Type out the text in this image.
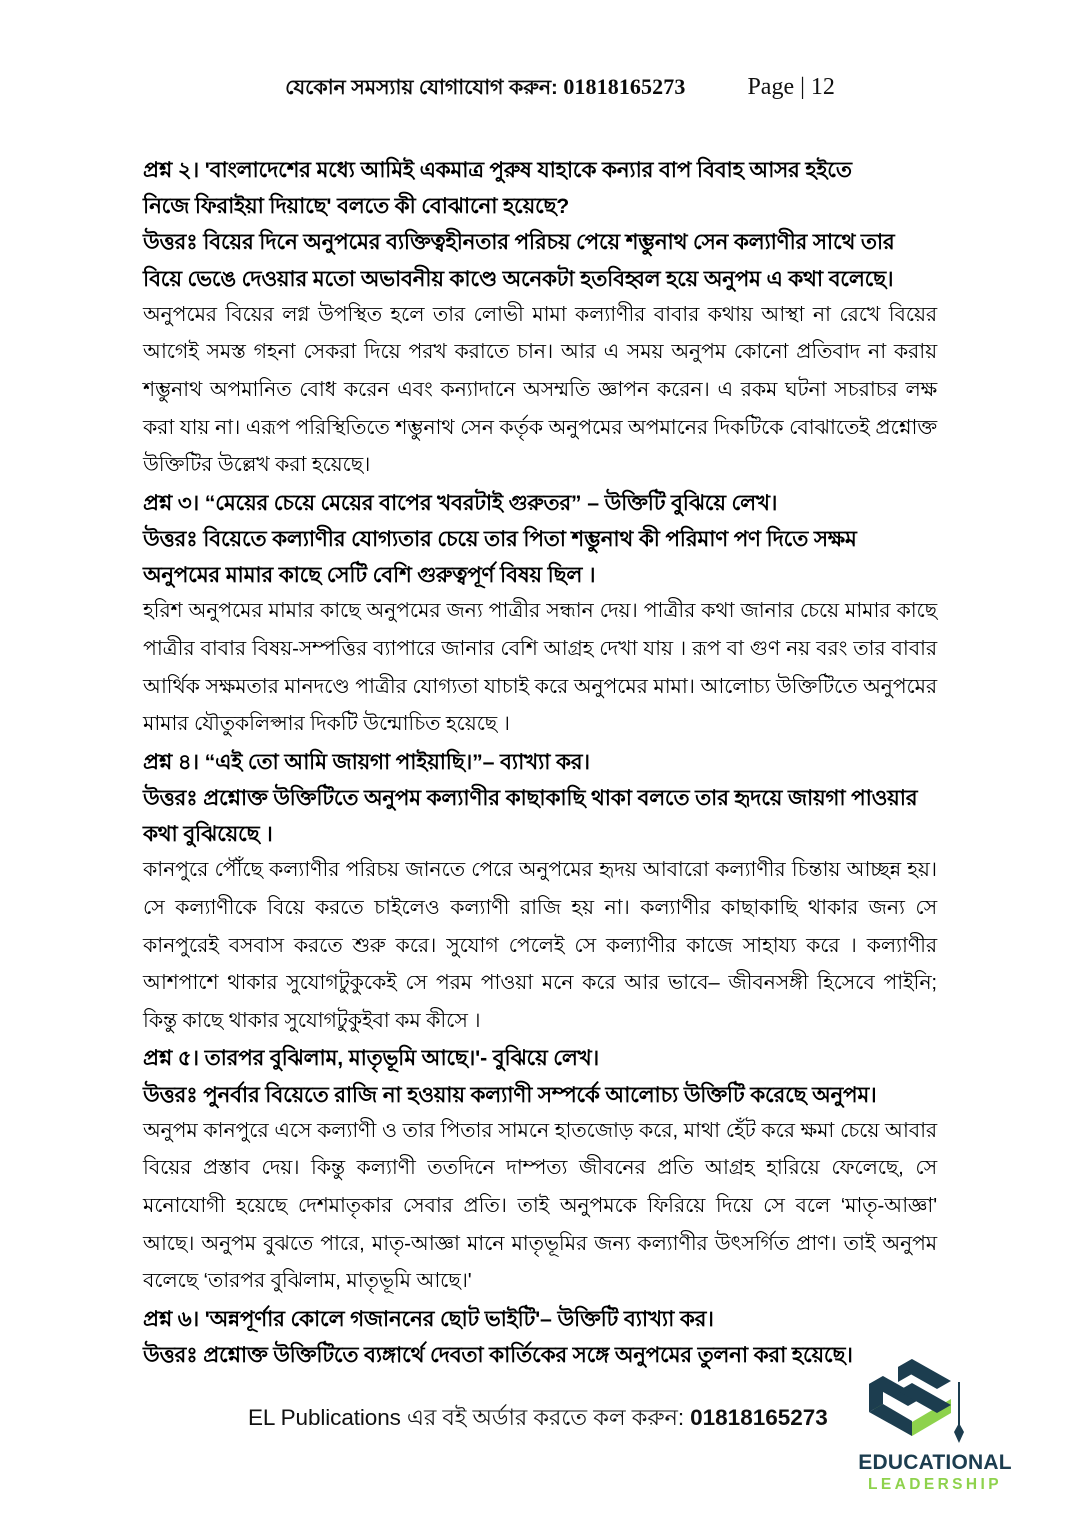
যেকোন সমস্যায় যোগাযোগ করুন: 01818165273	Page | 12
প্রশ্ন ২। 'বাংলাদেশের মধ্যে আমিই একমাত্র পুরুষ যাহাকে কন্যার বাপ বিবাহ আসর হইতে
নিজে ফিরাইয়া দিয়াছে' বলতে কী বোঝানো হয়েছে?
উত্তরঃ বিয়ের দিনে অনুপমের ব্যক্তিত্বহীনতার পরিচয় পেয়ে শম্ভুনাথ সেন কল্যাণীর সাথে তার
বিয়ে ভেঙে দেওয়ার মতো অভাবনীয় কাণ্ডে অনেকটা হতবিহ্বল হয়ে অনুপম এ কথা বলেছে।
অনুপমের বিয়ের লগ্ন উপস্থিত হলে তার লোভী মামা কল্যাণীর বাবার কথায় আস্থা না রেখে বিয়ের আগেই সমস্ত গহনা সেকরা দিয়ে পরখ করাতে চান। আর এ সময় অনুপম কোনো প্রতিবাদ না করায় শম্ভুনাথ অপমানিত বোধ করেন এবং কন্যাদানে অসম্মতি জ্ঞাপন করেন। এ রকম ঘটনা সচরাচর লক্ষ করা যায় না। এরূপ পরিস্থিতিতে শম্ভুনাথ সেন কর্তৃক অনুপমের অপমানের দিকটিকে বোঝাতেই প্রশ্নোক্ত উক্তিটির উল্লেখ করা হয়েছে।
প্রশ্ন ৩। “মেয়ের চেয়ে মেয়ের বাপের খবরটাই গুরুতর” – উক্তিটি বুঝিয়ে লেখ।
উত্তরঃ বিয়েতে কল্যাণীর যোগ্যতার চেয়ে তার পিতা শম্ভুনাথ কী পরিমাণ পণ দিতে সক্ষম
অনুপমের মামার কাছে সেটি বেশি গুরুত্বপূর্ণ বিষয় ছিল ।
হরিশ অনুপমের মামার কাছে অনুপমের জন্য পাত্রীর সন্ধান দেয়। পাত্রীর কথা জানার চেয়ে মামার কাছে পাত্রীর বাবার বিষয়-সম্পত্তির ব্যাপারে জানার বেশি আগ্রহ দেখা যায় । রূপ বা গুণ নয় বরং তার বাবার আর্থিক সক্ষমতার মানদণ্ডে পাত্রীর যোগ্যতা যাচাই করে অনুপমের মামা। আলোচ্য উক্তিটিতে অনুপমের মামার যৌতুকলিপ্সার দিকটি উন্মোচিত হয়েছে ।
প্রশ্ন ৪। “এই তো আমি জায়গা পাইয়াছি।”– ব্যাখ্যা কর।
উত্তরঃ প্রশ্নোক্ত উক্তিটিতে অনুপম কল্যাণীর কাছাকাছি থাকা বলতে তার হৃদয়ে জায়গা পাওয়ার
কথা বুঝিয়েছে ।
কানপুরে পৌঁছে কল্যাণীর পরিচয় জানতে পেরে অনুপমের হৃদয় আবারো কল্যাণীর চিন্তায় আচ্ছন্ন হয়। সে কল্যাণীকে বিয়ে করতে চাইলেও কল্যাণী রাজি হয় না। কল্যাণীর কাছাকাছি থাকার জন্য সে কানপুরেই বসবাস করতে শুরু করে। সুযোগ পেলেই সে কল্যাণীর কাজে সাহায্য করে । কল্যাণীর আশপাশে থাকার সুযোগটুকুকেই সে পরম পাওয়া মনে করে আর ভাবে– জীবনসঙ্গী হিসেবে পাইনি; কিন্তু কাছে থাকার সুযোগটুকুইবা কম কীসে ।
প্রশ্ন ৫। তারপর বুঝিলাম, মাতৃভূমি আছে।'- বুঝিয়ে লেখ।
উত্তরঃ পুনর্বার বিয়েতে রাজি না হওয়ায় কল্যাণী সম্পর্কে আলোচ্য উক্তিটি করেছে অনুপম।
অনুপম কানপুরে এসে কল্যাণী ও তার পিতার সামনে হাতজোড় করে, মাথা হেঁট করে ক্ষমা চেয়ে আবার বিয়ের প্রস্তাব দেয়। কিন্তু কল্যাণী ততদিনে দাম্পত্য জীবনের প্রতি আগ্রহ হারিয়ে ফেলেছে, সে মনোযোগী হয়েছে দেশমাতৃকার সেবার প্রতি। তাই অনুপমকে ফিরিয়ে দিয়ে সে বলে ‘মাতৃ-আজ্ঞা' আছে। অনুপম বুঝতে পারে, মাতৃ-আজ্ঞা মানে মাতৃভূমির জন্য কল্যাণীর উৎসর্গিত প্রাণ। তাই অনুপম বলেছে ‘তারপর বুঝিলাম, মাতৃভূমি আছে।'
প্রশ্ন ৬। 'অন্নপূর্ণার কোলে গজাননের ছোট ভাইটি'– উক্তিটি ব্যাখ্যা কর।
উত্তরঃ প্রশ্নোক্ত উক্তিটিতে ব্যঙ্গার্থে দেবতা কার্তিকের সঙ্গে অনুপমের তুলনা করা হয়েছে।
EL Publications এর বই অর্ডার করতে কল করুন: 01818165273
EDUCATIONAL
LEADERSHIP
